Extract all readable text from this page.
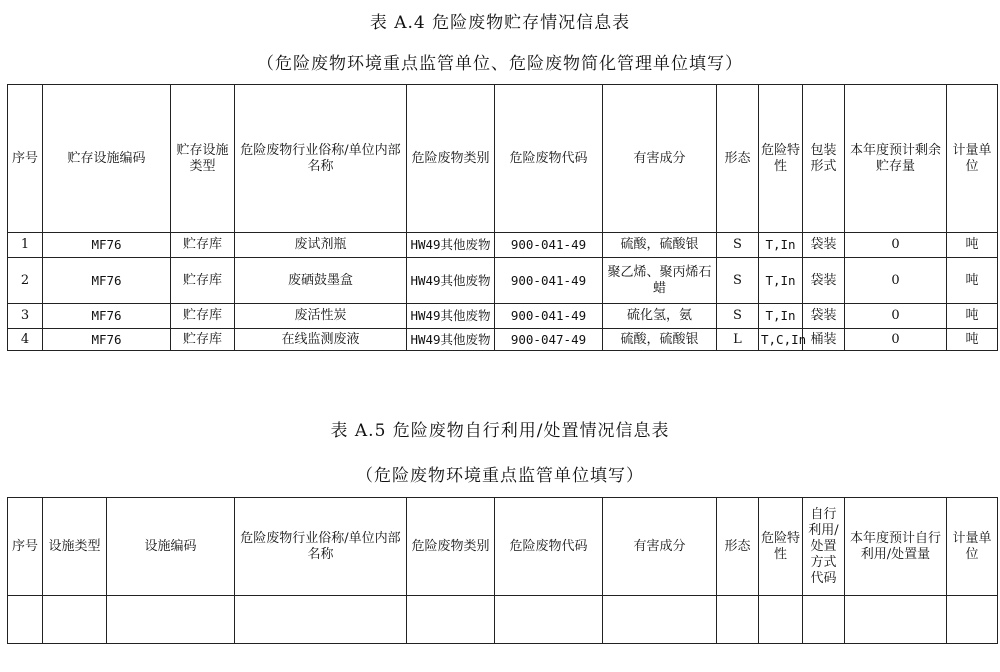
表 A.4 危险废物贮存情况信息表
（危险废物环境重点监管单位、危险废物简化管理单位填写）
序号	贮存设施编码	贮存设施类型	危险废物行业俗称/单位内部名称	危险废物类别	危险废物代码	有害成分	形态	危险特性	包装形式	本年度预计剩余贮存量	计量单位
1	MF76	贮存库	废试剂瓶	HW49其他废物	900-041-49	硫酸，硫酸银	S	T,In	袋装	0	吨
2	MF76	贮存库	废硒鼓墨盒	HW49其他废物	900-041-49	聚乙烯、聚丙烯石蜡	S	T,In	袋装	0	吨
3	MF76	贮存库	废活性炭	HW49其他废物	900-041-49	硫化氢，氨	S	T,In	袋装	0	吨
4	MF76	贮存库	在线监测废液	HW49其他废物	900-047-49	硫酸，硫酸银	L	T,C,In	桶装	0	吨
表 A.5 危险废物自行利用/处置情况信息表
（危险废物环境重点监管单位填写）
序号	设施类型	设施编码	危险废物行业俗称/单位内部名称	危险废物类别	危险废物代码	有害成分	形态	危险特性	自行利用/处置方式代码	本年度预计自行利用/处置量	计量单位
